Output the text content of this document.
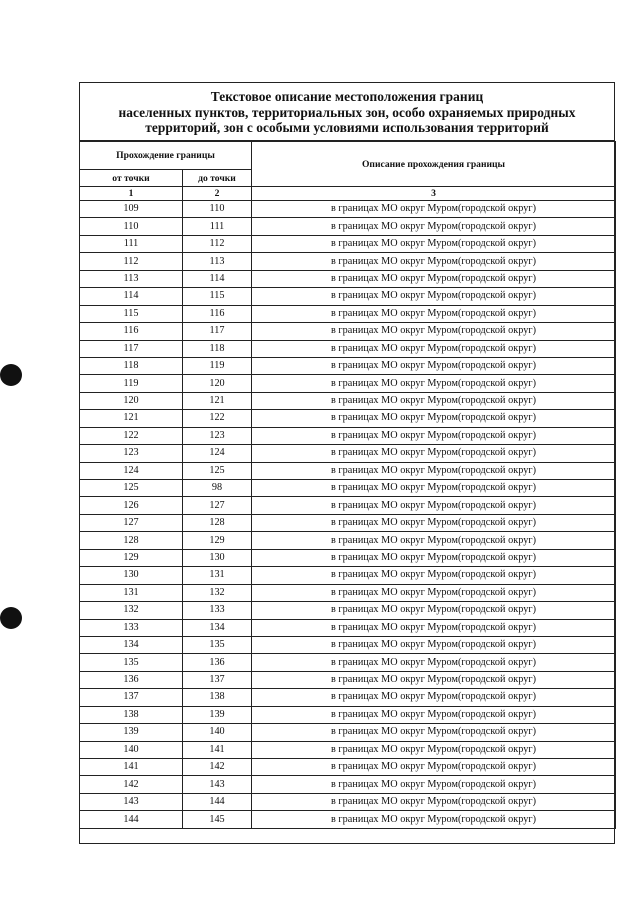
Текстовое описание местоположения границ
населенных пунктов, территориальных зон, особо охраняемых природных
территорий, зон с особыми условиями использования территорий
Прохождение границы		Описание прохождения границы
от точки	до точки	
1	2	3
109	110	в границах МО округ Муром(городской округ)
110	111	в границах МО округ Муром(городской округ)
111	112	в границах МО округ Муром(городской округ)
112	113	в границах МО округ Муром(городской округ)
113	114	в границах МО округ Муром(городской округ)
114	115	в границах МО округ Муром(городской округ)
115	116	в границах МО округ Муром(городской округ)
116	117	в границах МО округ Муром(городской округ)
117	118	в границах МО округ Муром(городской округ)
118	119	в границах МО округ Муром(городской округ)
119	120	в границах МО округ Муром(городской округ)
120	121	в границах МО округ Муром(городской округ)
121	122	в границах МО округ Муром(городской округ)
122	123	в границах МО округ Муром(городской округ)
123	124	в границах МО округ Муром(городской округ)
124	125	в границах МО округ Муром(городской округ)
125	98	в границах МО округ Муром(городской округ)
126	127	в границах МО округ Муром(городской округ)
127	128	в границах МО округ Муром(городской округ)
128	129	в границах МО округ Муром(городской округ)
129	130	в границах МО округ Муром(городской округ)
130	131	в границах МО округ Муром(городской округ)
131	132	в границах МО округ Муром(городской округ)
132	133	в границах МО округ Муром(городской округ)
133	134	в границах МО округ Муром(городской округ)
134	135	в границах МО округ Муром(городской округ)
135	136	в границах МО округ Муром(городской округ)
136	137	в границах МО округ Муром(городской округ)
137	138	в границах МО округ Муром(городской округ)
138	139	в границах МО округ Муром(городской округ)
139	140	в границах МО округ Муром(городской округ)
140	141	в границах МО округ Муром(городской округ)
141	142	в границах МО округ Муром(городской округ)
142	143	в границах МО округ Муром(городской округ)
143	144	в границах МО округ Муром(городской округ)
144	145	в границах МО округ Муром(городской округ)
